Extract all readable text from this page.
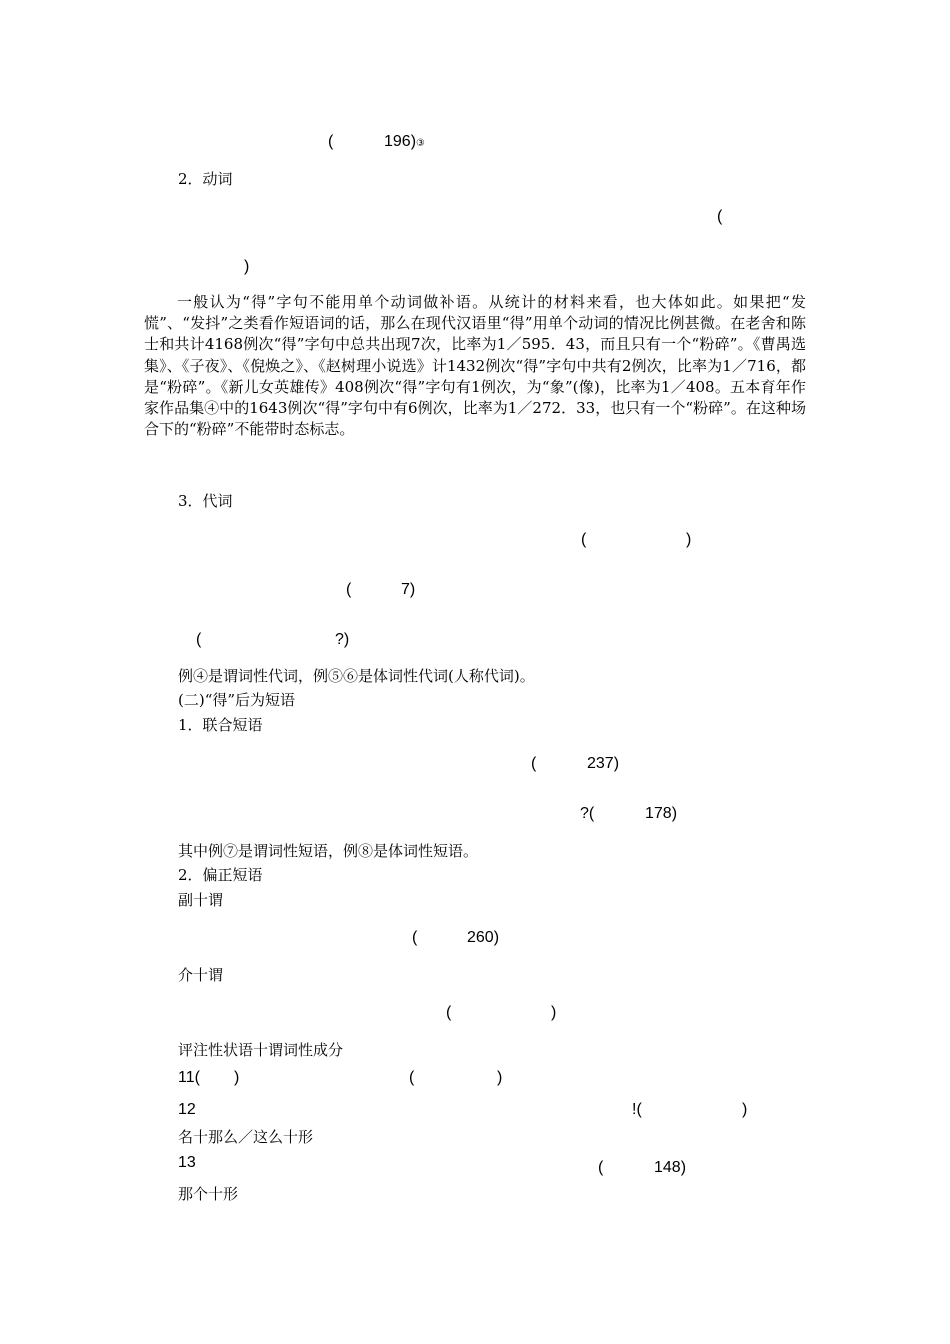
(	196)③
2．动词
(
)
一般认为“得”字句不能用单个动词做补语。从统计的材料来看，也大体如此。如果把“发慌”、“发抖”之类看作短语词的话，那么在现代汉语里“得”用单个动词的情况比例甚微。在老舍和陈士和共计4168例次“得”字句中总共出现7次，比率为1／595．43，而且只有一个“粉碎”。《曹禺选集》、《子夜》、《倪焕之》、《赵树理小说选》计1432例次“得”字句中共有2例次，比率为1／716，都是“粉碎”。《新儿女英雄传》408例次“得”字句有1例次，为“象”(像)，比率为1／408。五本育年作家作品集④中的1643例次“得”字句中有6例次，比率为1／272．33，也只有一个“粉碎”。在这种场合下的“粉碎”不能带时态标志。
3．代词
(	)
(	7)
(	?)
例④是谓词性代词，例⑤⑥是体词性代词(人称代词)。
(二)“得”后为短语
1．联合短语
(	237)
?(	178)
其中例⑦是谓词性短语，例⑧是体词性短语。
2．偏正短语
副十谓
(	260)
介十谓
(	)
评注性状语十谓词性成分
11( )	(	)
12	!(	)
名十那么／这么十形
13	(	148)
那个十形
